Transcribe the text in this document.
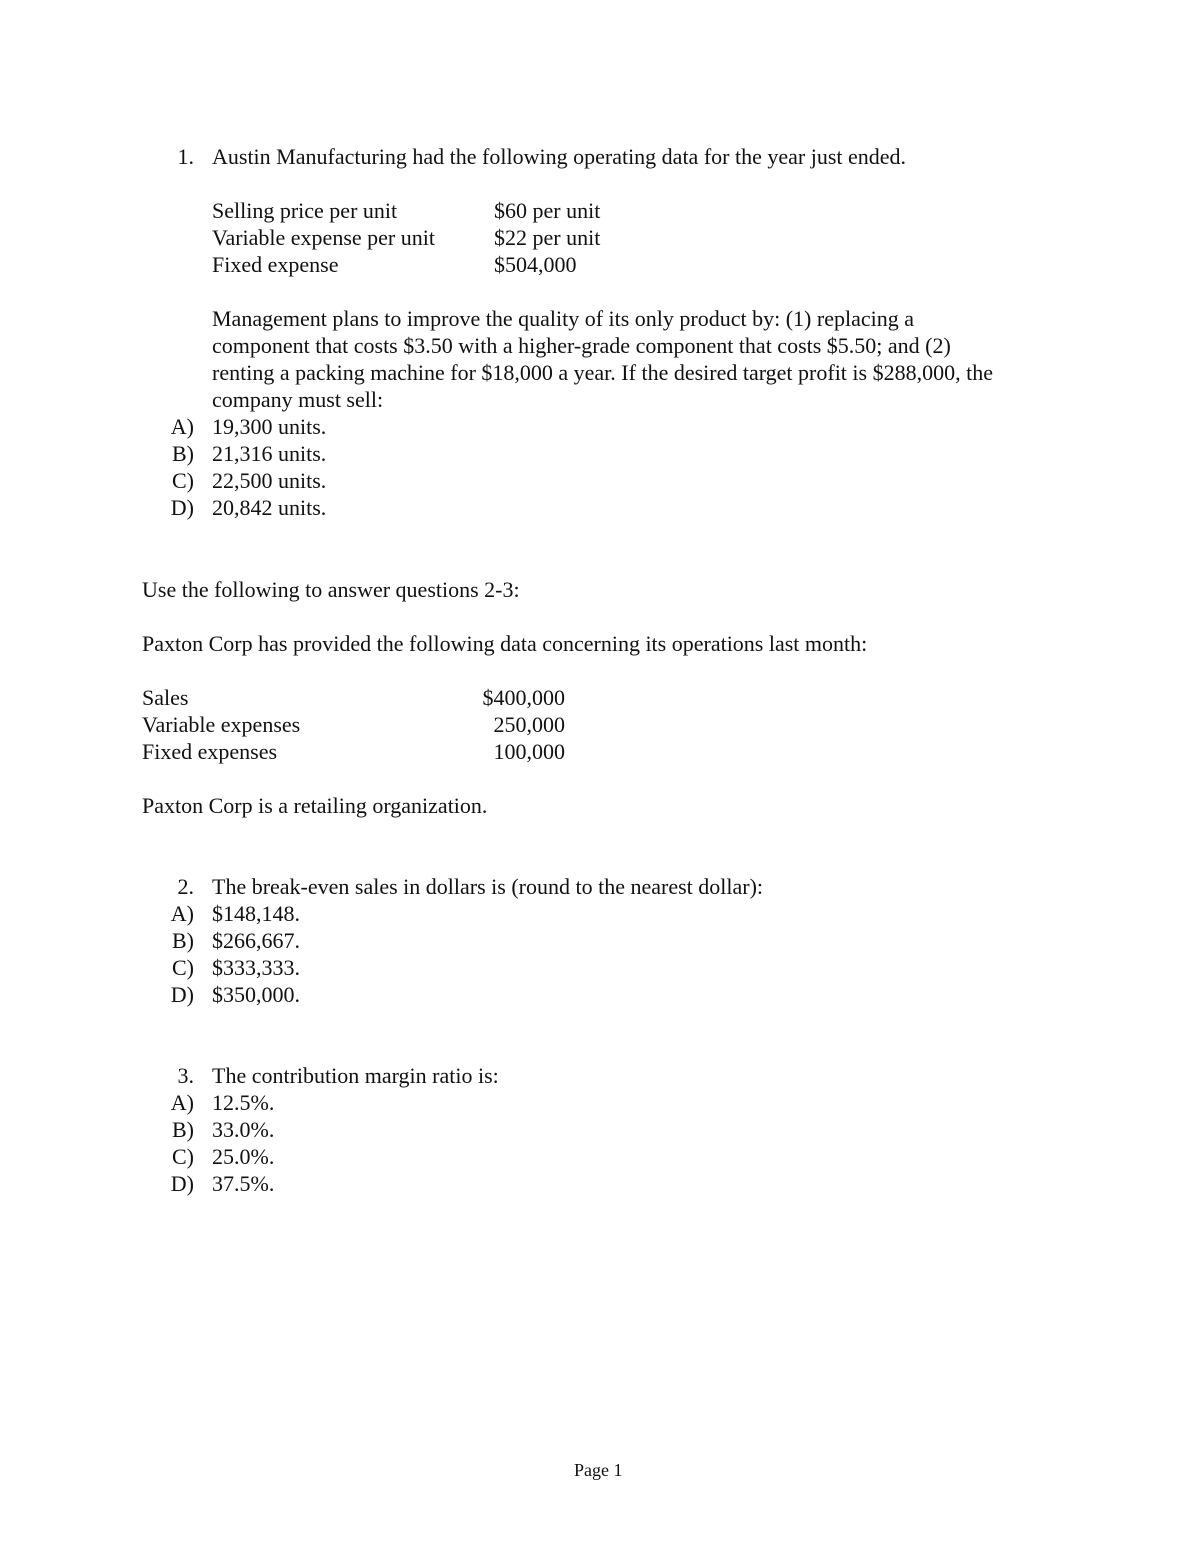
1. Austin Manufacturing had the following operating data for the year just ended.
Selling price per unit	$60 per unit
Variable expense per unit	$22 per unit
Fixed expense	$504,000
Management plans to improve the quality of its only product by: (1) replacing a
component that costs $3.50 with a higher-grade component that costs $5.50; and (2)
renting a packing machine for $18,000 a year. If the desired target profit is $288,000, the
company must sell:
A) 19,300 units.
B) 21,316 units.
C) 22,500 units.
D) 20,842 units.
Use the following to answer questions 2-3:
Paxton Corp has provided the following data concerning its operations last month:
Sales	$400,000
Variable expenses	250,000
Fixed expenses	100,000
Paxton Corp is a retailing organization.
2. The break-even sales in dollars is (round to the nearest dollar):
A) $148,148.
B) $266,667.
C) $333,333.
D) $350,000.
3. The contribution margin ratio is:
A) 12.5%.
B) 33.0%.
C) 25.0%.
D) 37.5%.
Page 1
